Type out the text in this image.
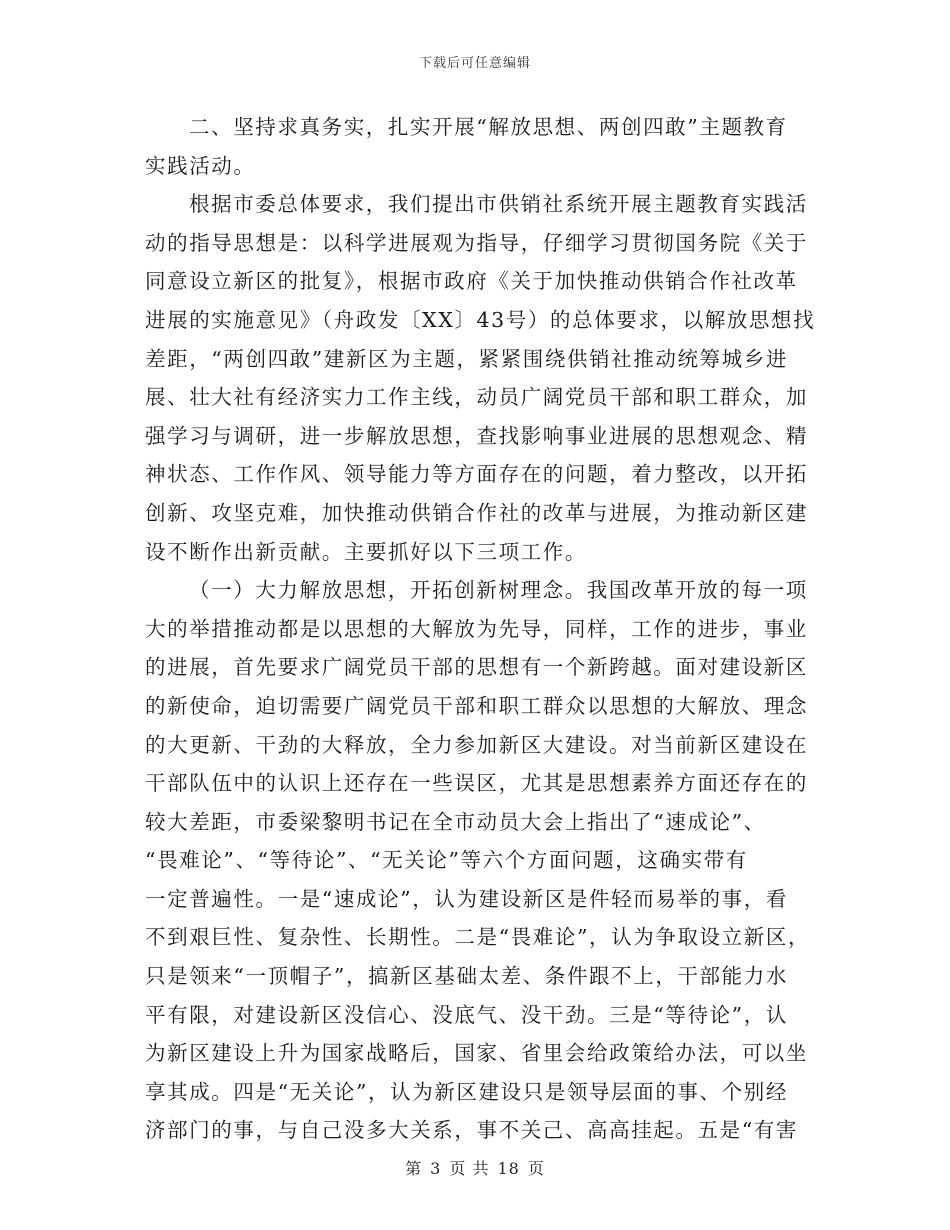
下载后可任意编辑
二、坚持求真务实，扎实开展“解放思想、两创四敢”主题教育
实践活动。
根据市委总体要求，我们提出市供销社系统开展主题教育实践活
动的指导思想是：以科学进展观为指导，仔细学习贯彻国务院《关于
同意设立新区的批复》，根据市政府《关于加快推动供销合作社改革
进展的实施意见》（舟政发〔XX〕43号）的总体要求，以解放思想找
差距，“两创四敢”建新区为主题，紧紧围绕供销社推动统筹城乡进
展、壮大社有经济实力工作主线，动员广阔党员干部和职工群众，加
强学习与调研，进一步解放思想，查找影响事业进展的思想观念、精
神状态、工作作风、领导能力等方面存在的问题，着力整改，以开拓
创新、攻坚克难，加快推动供销合作社的改革与进展，为推动新区建
设不断作出新贡献。主要抓好以下三项工作。
（一）大力解放思想，开拓创新树理念。我国改革开放的每一项
大的举措推动都是以思想的大解放为先导，同样，工作的进步，事业
的进展，首先要求广阔党员干部的思想有一个新跨越。面对建设新区
的新使命，迫切需要广阔党员干部和职工群众以思想的大解放、理念
的大更新、干劲的大释放，全力参加新区大建设。对当前新区建设在
干部队伍中的认识上还存在一些误区，尤其是思想素养方面还存在的
较大差距，市委梁黎明书记在全市动员大会上指出了“速成论”、
“畏难论”、“等待论”、“无关论”等六个方面问题，这确实带有
一定普遍性。一是“速成论”，认为建设新区是件轻而易举的事，看
不到艰巨性、复杂性、长期性。二是“畏难论”，认为争取设立新区，
只是领来“一顶帽子”，搞新区基础太差、条件跟不上，干部能力水
平有限，对建设新区没信心、没底气、没干劲。三是“等待论”，认
为新区建设上升为国家战略后，国家、省里会给政策给办法，可以坐
享其成。四是“无关论”，认为新区建设只是领导层面的事、个别经
济部门的事，与自己没多大关系，事不关己、高高挂起。五是“有害
第 3 页 共 18 页
